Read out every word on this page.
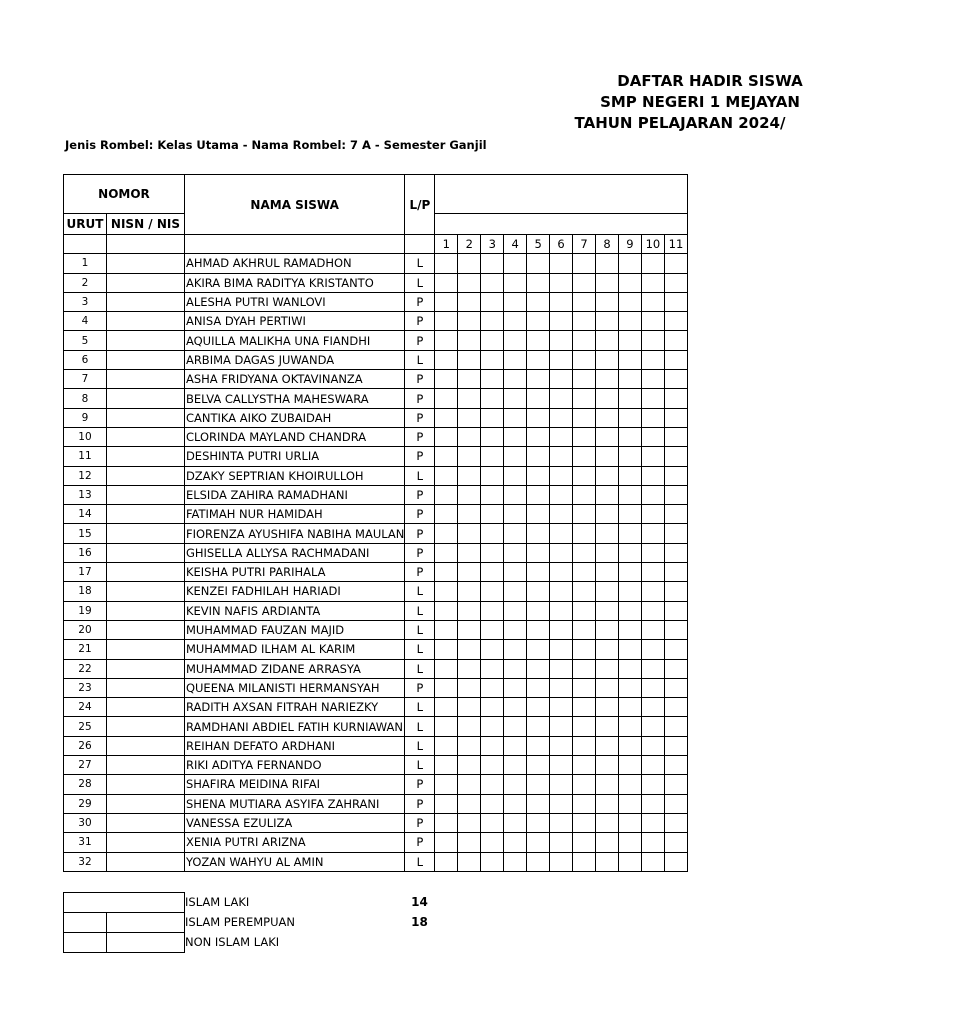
DAFTAR HADIR SISWA
SMP NEGERI 1 MEJAYAN
TAHUN PELAJARAN 2024/
Jenis Rombel: Kelas Utama - Nama Rombel: 7 A - Semester Ganjil
NOMOR		NAMA SISWA	L/P											
URUT	NISN / NIS													
				1	2	3	4	5	6	7	8	9	10	11
1		AHMAD AKHRUL RAMADHON	L											
2		AKIRA BIMA RADITYA KRISTANTO	L											
3		ALESHA PUTRI WANLOVI	P											
4		ANISA DYAH PERTIWI	P											
5		AQUILLA MALIKHA UNA FIANDHI	P											
6		ARBIMA DAGAS JUWANDA	L											
7		ASHA FRIDYANA OKTAVINANZA	P											
8		BELVA CALLYSTHA MAHESWARA	P											
9		CANTIKA AIKO ZUBAIDAH	P											
10		CLORINDA MAYLAND CHANDRA	P											
11		DESHINTA PUTRI URLIA	P											
12		DZAKY SEPTRIAN KHOIRULLOH	L											
13		ELSIDA ZAHIRA RAMADHANI	P											
14		FATIMAH NUR HAMIDAH	P											
15		FIORENZA AYUSHIFA NABIHA MAULAN	P											
16		GHISELLA ALLYSA RACHMADANI	P											
17		KEISHA PUTRI PARIHALA	P											
18		KENZEI FADHILAH HARIADI	L											
19		KEVIN NAFIS ARDIANTA	L											
20		MUHAMMAD FAUZAN MAJID	L											
21		MUHAMMAD ILHAM AL KARIM	L											
22		MUHAMMAD ZIDANE ARRASYA	L											
23		QUEENA MILANISTI HERMANSYAH	P											
24		RADITH AXSAN FITRAH NARIEZKY	L											
25		RAMDHANI ABDIEL FATIH KURNIAWAN	L											
26		REIHAN DEFATO ARDHANI	L											
27		RIKI ADITYA FERNANDO	L											
28		SHAFIRA MEIDINA RIFAI	P											
29		SHENA MUTIARA ASYIFA ZAHRANI	P											
30		VANESSA EZULIZA	P											
31		XENIA PUTRI ARIZNA	P											
32		YOZAN WAHYU AL AMIN	L											
		ISLAM LAKI	14
		ISLAM PEREMPUAN	18
		NON ISLAM LAKI	
